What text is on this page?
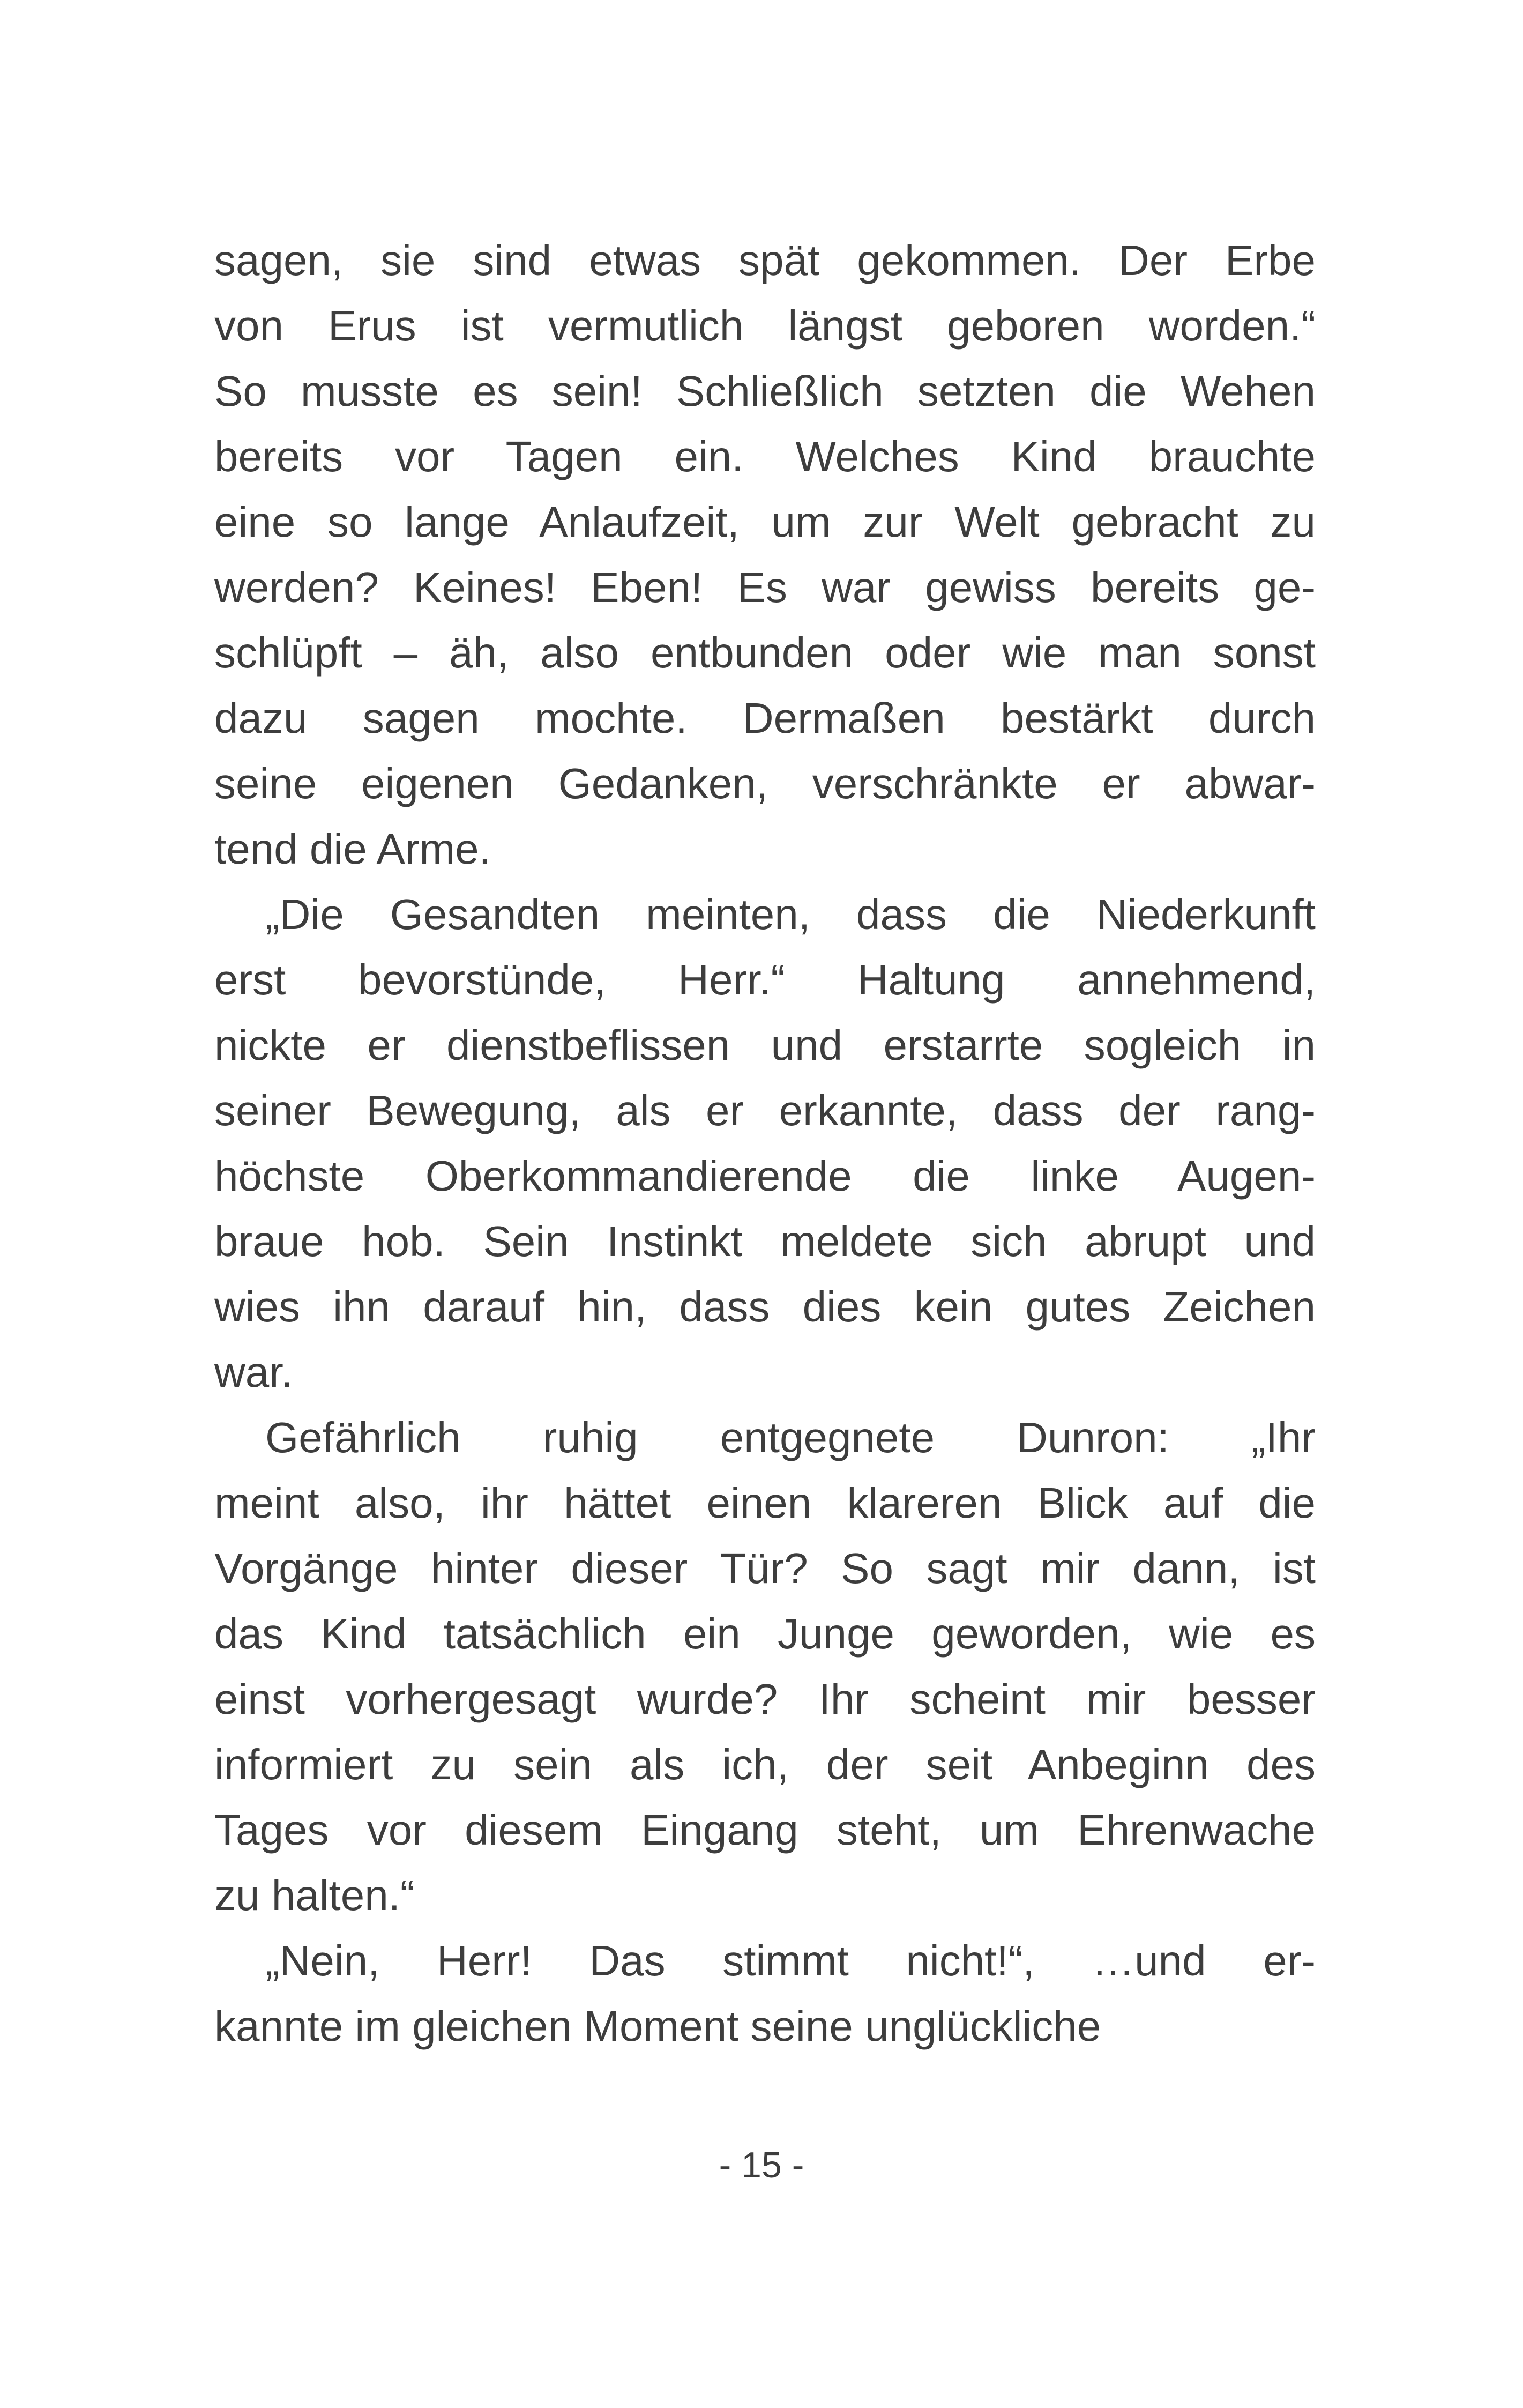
sagen, sie sind etwas spät gekommen. Der Erbe
von Erus ist vermutlich längst geboren worden.“
So musste es sein! Schließlich setzten die Wehen
bereits vor Tagen ein. Welches Kind brauchte
eine so lange Anlaufzeit, um zur Welt gebracht zu
werden? Keines! Eben! Es war gewiss bereits ge-
schlüpft – äh, also entbunden oder wie man sonst
dazu sagen mochte. Dermaßen bestärkt durch
seine eigenen Gedanken, verschränkte er abwar-
tend die Arme.
„Die Gesandten meinten, dass die Niederkunft
erst bevorstünde, Herr.“ Haltung annehmend,
nickte er dienstbeflissen und erstarrte sogleich in
seiner Bewegung, als er erkannte, dass der rang-
höchste Oberkommandierende die linke Augen-
braue hob. Sein Instinkt meldete sich abrupt und
wies ihn darauf hin, dass dies kein gutes Zeichen
war.
Gefährlich ruhig entgegnete Dunron: „Ihr
meint also, ihr hättet einen klareren Blick auf die
Vorgänge hinter dieser Tür? So sagt mir dann, ist
das Kind tatsächlich ein Junge geworden, wie es
einst vorhergesagt wurde? Ihr scheint mir besser
informiert zu sein als ich, der seit Anbeginn des
Tages vor diesem Eingang steht, um Ehrenwache
zu halten.“
„Nein, Herr! Das stimmt nicht!“, …und er-
kannte im gleichen Moment seine unglückliche
- 15 -
